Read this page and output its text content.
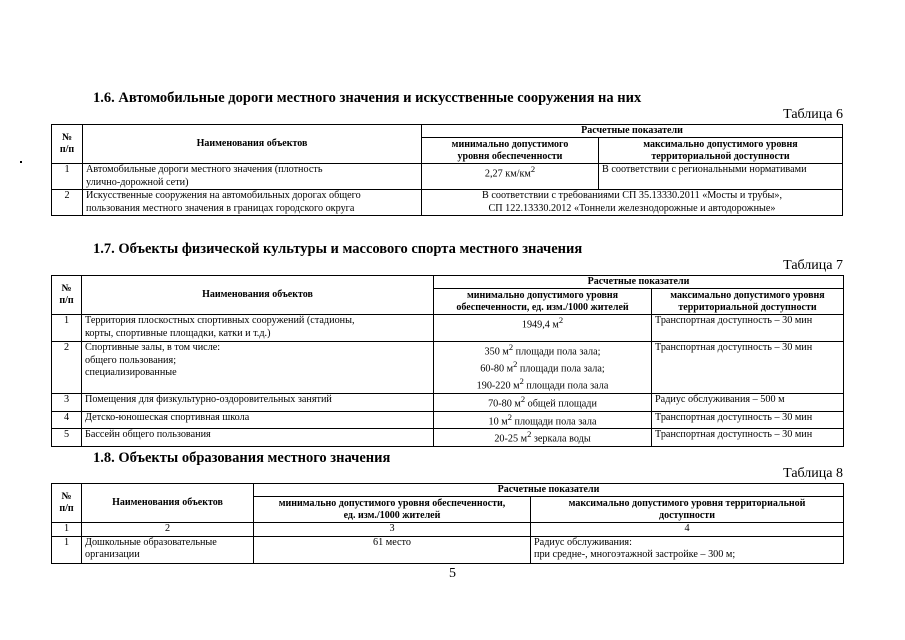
1.6. Автомобильные дороги местного значения и искусственные сооружения на них
Таблица 6
№
п/п	Наименования объектов	Расчетные показатели	

		минимально допустимого
уровня обеспеченности	максимально допустимого уровня
территориальной доступности

1	Автомобильные дороги местного значения (плотность
улично-дорожной сети)	2,27 $км/км^2$	В соответствии с региональными нормативами
2	Искусственные сооружения на автомобильных дорогах общего
пользования местного значения в границах городского округа	В соответствии с требованиями СП 35.13330.2011 «Мосты и трубы»,
СП 122.13330.2012 «Тоннели железнодорожные и автодорожные»	
1.7. Объекты физической культуры и массового спорта местного значения
Таблица 7
№
п/п	Наименования объектов	Расчетные показатели	

		минимально допустимого уровня
обеспеченности, ед. изм./1000 жителей	максимально допустимого уровня
территориальной доступности

1	Территория плоскостных спортивных сооружений (стадионы,
корты, спортивные площадки, катки и т.д.)	1949,4 $м^2$	Транспортная доступность – 30 мин
2	Спортивные залы, в том числе:
общего пользования;
специализированные	350 $м^2$ площади пола зала;
60-80 $м^2$ площади пола зала;
190-220 $м^2$ площади пола зала	Транспортная доступность – 30 мин
3	Помещения для физкультурно-оздоровительных занятий	70-80 $м^2$ общей площади	Радиус обслуживания – 500 м
4	Детско-юношеская спортивная школа	10 $м^2$ площади пола зала	Транспортная доступность – 30 мин
5	Бассейн общего пользования	20-25 $м^2$ зеркала воды	Транспортная доступность – 30 мин
1.8. Объекты образования местного значения
Таблица 8
№
п/п	Наименования объектов	Расчетные показатели	

		минимально допустимого уровня обеспеченности,
ед. изм./1000 жителей	максимально допустимого уровня территориальной
доступности

1	2	3	4
1	Дошкольные образовательные
организации	61 место	Радиус обслуживания:
при средне-, многоэтажной застройке – 300 м;
5
